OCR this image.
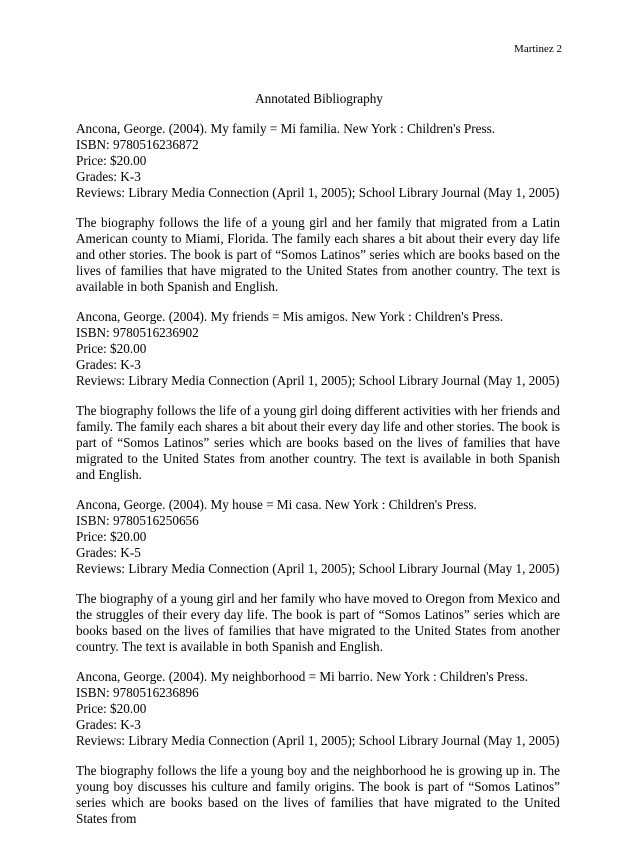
Martinez 2
Annotated Bibliography
Ancona, George. (2004). My family = Mi familia. New York : Children's Press.
ISBN: 9780516236872
Price: $20.00
Grades: K-3
Reviews: Library Media Connection (April 1, 2005); School Library Journal (May 1, 2005)
The biography follows the life of a young girl and her family that migrated from a Latin American county to Miami, Florida. The family each shares a bit about their every day life and other stories. The book is part of “Somos Latinos” series which are books based on the lives of families that have migrated to the United States from another country. The text is available in both Spanish and English.
Ancona, George. (2004). My friends = Mis amigos. New York : Children's Press.
ISBN: 9780516236902
Price: $20.00
Grades: K-3
Reviews: Library Media Connection (April 1, 2005); School Library Journal (May 1, 2005)
The biography follows the life of a young girl doing different activities with her friends and family. The family each shares a bit about their every day life and other stories. The book is part of “Somos Latinos” series which are books based on the lives of families that have migrated to the United States from another country. The text is available in both Spanish and English.
Ancona, George. (2004). My house = Mi casa. New York : Children's Press.
ISBN: 9780516250656
Price: $20.00
Grades: K-5
Reviews: Library Media Connection (April 1, 2005); School Library Journal (May 1, 2005)
The biography of a young girl and her family who have moved to Oregon from Mexico and the struggles of their every day life. The book is part of “Somos Latinos” series which are books based on the lives of families that have migrated to the United States from another country. The text is available in both Spanish and English.
Ancona, George. (2004). My neighborhood = Mi barrio. New York : Children's Press.
ISBN: 9780516236896
Price: $20.00
Grades: K-3
Reviews: Library Media Connection (April 1, 2005); School Library Journal (May 1, 2005)
The biography follows the life a young boy and the neighborhood he is growing up in. The young boy discusses his culture and family origins. The book is part of “Somos Latinos” series which are books based on the lives of families that have migrated to the United States from
